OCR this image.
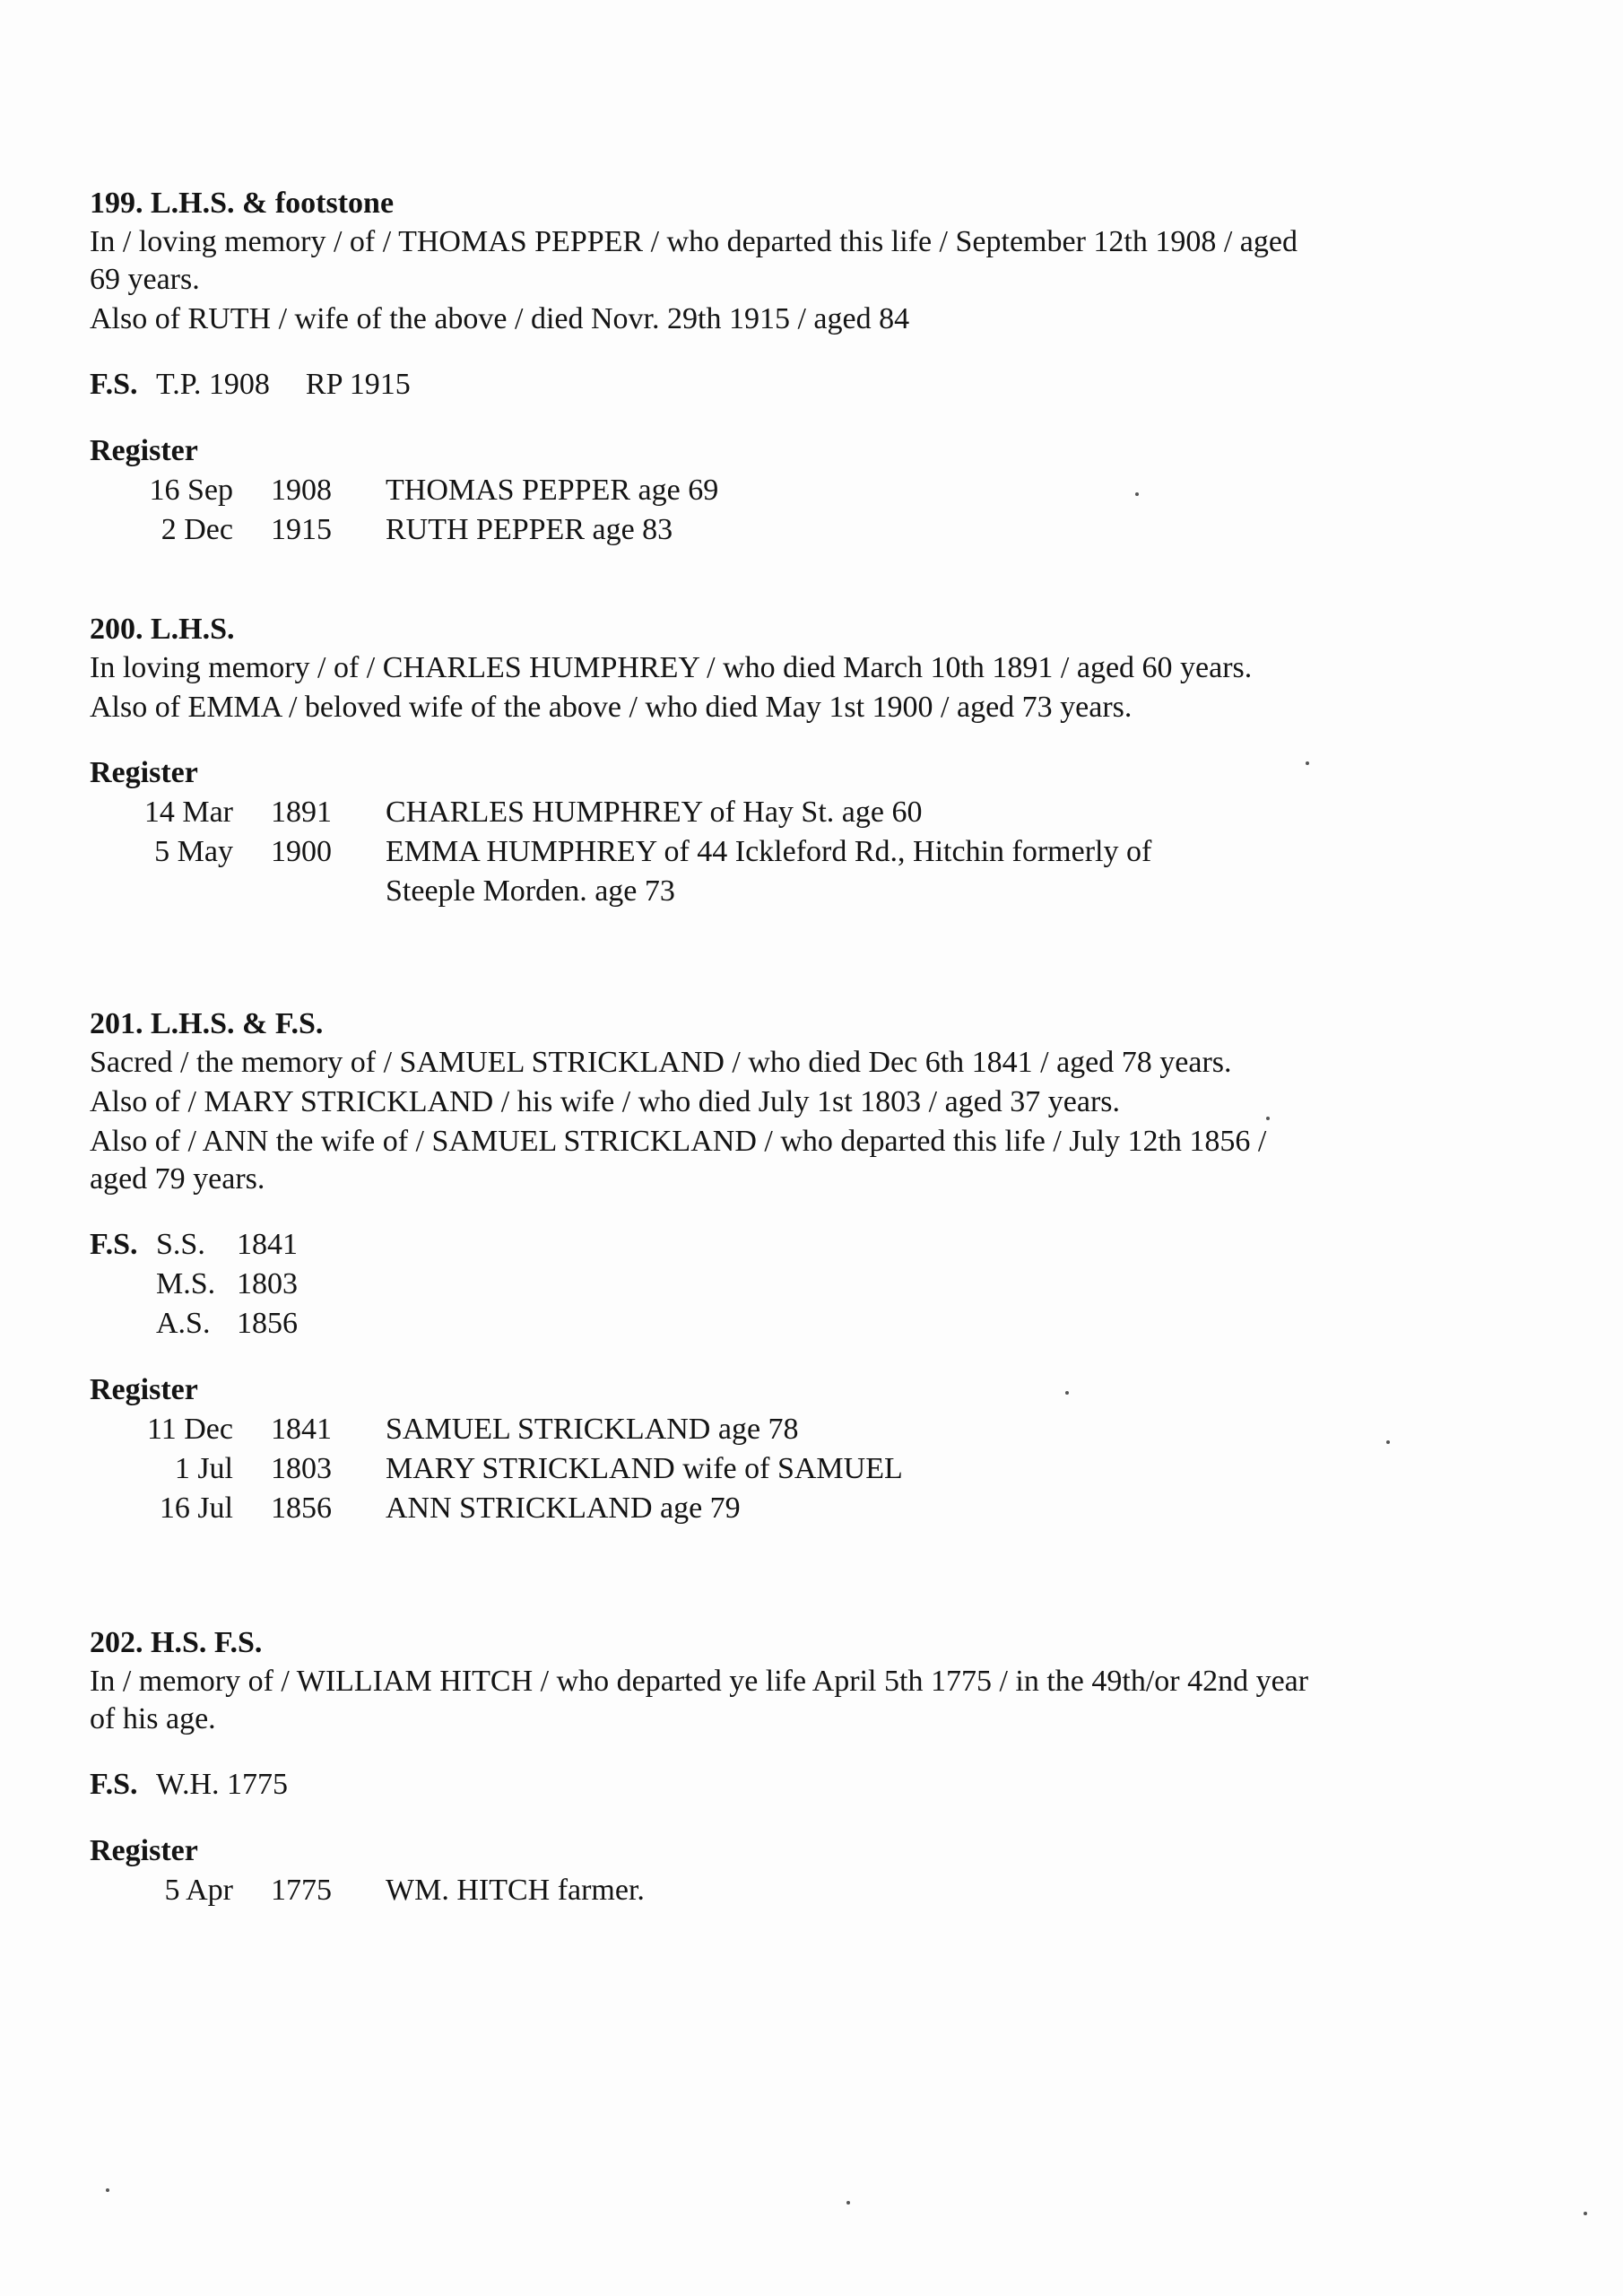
199. L.H.S. & footstone

In / loving memory / of / THOMAS PEPPER / who departed this life / September 12th 1908 / aged 69 years.

Also of RUTH / wife of the above / died Novr. 29th 1915 / aged 84

F.S. T.P. 1908 RP 1915
Register
16 Sep	1908	THOMAS PEPPER age 69
2 Dec	1915	RUTH PEPPER age 83
200. L.H.S.

In loving memory / of / CHARLES HUMPHREY / who died March 10th 1891 / aged 60 years.

Also of EMMA / beloved wife of the above / who died May 1st 1900 / aged 73 years.

Register
14 Mar	1891	CHARLES HUMPHREY of Hay St. age 60
5 May	1900	EMMA HUMPHREY of 44 Ickleford Rd., Hitchin formerly of Steeple Morden. age 73
201. L.H.S. & F.S.

Sacred / the memory of / SAMUEL STRICKLAND / who died Dec 6th 1841 / aged 78 years.

Also of / MARY STRICKLAND / his wife / who died July 1st 1803 / aged 37 years.

Also of / ANN the wife of / SAMUEL STRICKLAND / who departed this life / July 12th 1856 / aged 79 years.

F.S. S.S.	1841
M.S. 1803
A.S. 1856
Register
11 Dec	1841	SAMUEL STRICKLAND age 78
1 Jul	1803	MARY STRICKLAND wife of SAMUEL
16 Jul	1856	ANN STRICKLAND age 79
202. H.S. F.S.

In / memory of / WILLIAM HITCH / who departed ye life April 5th 1775 / in the 49th/or 42nd year of his age.

F.S. W.H. 1775
Register
5 Apr	1775	WM. HITCH farmer.
